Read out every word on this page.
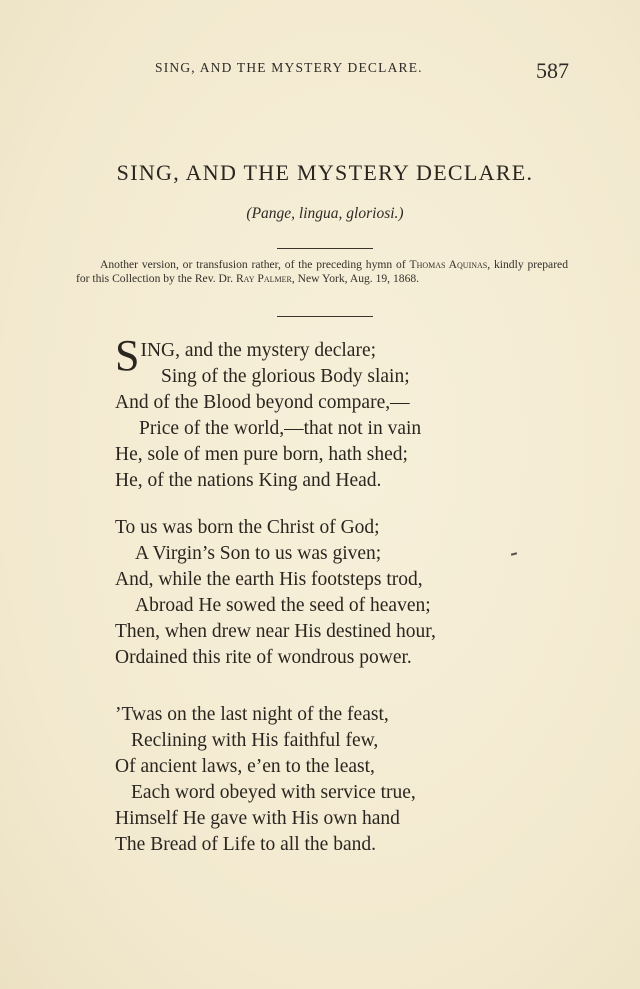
SING, AND THE MYSTERY DECLARE.	587
SING, AND THE MYSTERY DECLARE.
(Pange, lingua, gloriosi.)
Another version, or transfusion rather, of the preceding hymn of Thomas Aquinas, kindly prepared for this Collection by the Rev. Dr. Ray Palmer, New York, Aug. 19, 1868.
SING, and the mystery declare;
Sing of the glorious Body slain;
And of the Blood beyond compare,—
Price of the world,—that not in vain
He, sole of men pure born, hath shed;
He, of the nations King and Head.
To us was born the Christ of God;
A Virgin’s Son to us was given;
And, while the earth His footsteps trod,
Abroad He sowed the seed of heaven;
Then, when drew near His destined hour,
Ordained this rite of wondrous power.
’Twas on the last night of the feast,
Reclining with His faithful few,
Of ancient laws, e’en to the least,
Each word obeyed with service true,
Himself He gave with His own hand
The Bread of Life to all the band.
